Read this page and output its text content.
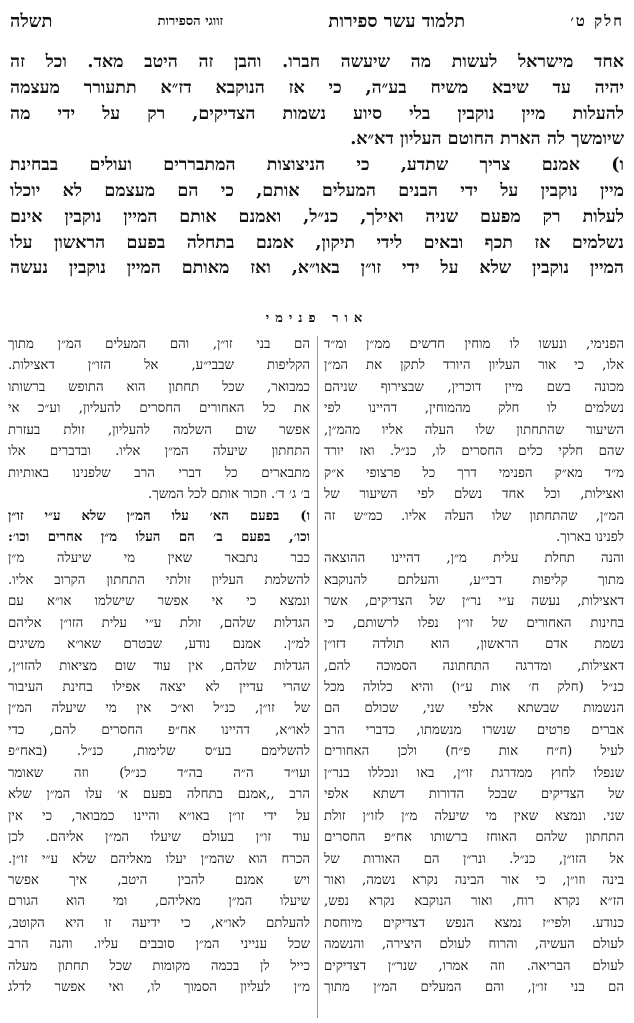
חלק ט׳
תלמוד עשר ספירות
זווגי הספירות
תשלה
אחד מישראל לעשות מה שיעשה חברו. והבן זה היטב מאד. וכל זה
יהיה עד שיבא משיח בע״ה, כי אז הנוקבא דז״א תתעורר מעצמה
להעלות מיין נוקבין בלי סיוע נשמות הצדיקים, רק על ידי מה
שיומשך לה הארת החוטם העליון דא״א.
ו) אמנם צריך שתדע, כי הניצוצות המתבררים ועולים בבחינת
מיין נוקבין על ידי הבנים המעלים אותם, כי הם מעצמם לא יוכלו
לעלות רק מפעם שניה ואילך, כנ״ל, ואמנם אותם המיין נוקבין אינם
נשלמים אז תכף ובאים לידי תיקון, אמנם בתחלה בפעם הראשון עלו
המיין נוקבין שלא על ידי זו״ן באו״א, ואז מאותם המיין נוקבין נעשה
אור פנימי
הפנימי, ונעשו לו מוחין חדשים ממ״ן ומ״ד
אלו, כי אור העליון היורד לתקן את המ״ן
מכונה בשם מיין דוכרין, שבצירוף שניהם
נשלמים לו חלק מהמוחין, דהיינו לפי
השיעור שהתחתון שלו העלה אליו מהמ״ן,
שהם חלקי כלים החסרים לו, כנ״ל. ואז יורד
מ״ד מא״ק הפנימי דרך כל פרצופי א״ק
ואצילות, וכל אחד נשלם לפי השיעור של
המ״ן, שהתחתון שלו העלה אליו. כמ״ש זה
לפנינו בארוך.
והנה תחלת עלית מ״ן, דהיינו ההוצאה
מתוך קליפות דבי״ע, והעלתם להנוקבא
דאצילות, נעשה ע״י נר״ן של הצדיקים, אשר
בחינות האחורים של זו״ן נפלו לרשותם, כי
נשמת אדם הראשון, הוא תולדה דזו״ן
דאצילות, ומדרגה התחתונה הסמוכה להם,
כנ״ל (חלק ח׳ אות ע״ו) והיא כלולה מכל
הנשמות שבשתא אלפי שני, שכולם הם
אברים פרטים שנשרו מנשמתו, כדברי הרב
לעיל (ח״ח אות פ״ח) ולכן האחורים
שנפלו לחוץ ממדרגת זו״ן, באו ונכללו בנר״ן
של הצדיקים שבכל הדורות דשתא אלפי
שני. ונמצא שאין מי שיעלה מ״ן לזו״ן זולת
התחתון שלהם האוחז ברשותו אח״פ החסרים
אל הזו״ן, כנ״ל. ונר״ן הם האורות של
בינה וזו״ן, כי אור הבינה נקרא נשמה, ואור
הז״א נקרא רוח, ואור הנוקבא נקרא נפש,
כנודע. ולפי״ז נמצא הנפש דצדיקים מיוחסת
לעולם העשיה, והרוח לעולם היצירה, והנשמה
לעולם הבריאה. וזה אמרו, שנר״ן דצדיקים
הם בני זו״ן, והם המעלים המ״ן מתוך
הם בני זו״ן, והם המעלים המ״ן מתוך
הקליפות שבבי״ע, אל הזו״ן דאצילות.
כמבואר, שכל תחתון הוא התופש ברשותו
את כל האחורים החסרים להעליון, וע״כ אי
אפשר שום השלמה להעליון, זולת בעזרת
התחתון שיעלה המ״ן אליו. ובדברים אלו
מתבארים כל דברי הרב שלפנינו באותיות
ב׳ ג׳ ד׳. וזכור אותם לכל המשך.
ו) בפעם הא׳ עלו המ״ן שלא ע״י זו״ן
וכו׳, בפעם ב׳ הם העלו מ״ן אחרים וכו׳:
כבר נתבאר שאין מי שיעלה מ״ן
להשלמת העליון זולתי התחתון הקרוב אליו.
ונמצא כי אי אפשר שישלמו או״א עם
הגדלות שלהם, זולת ע״י עלית הזו״ן אליהם
למ״ן. אמנם נודע, שבטרם שאו״א משיגים
הגדלות שלהם, אין עוד שום מציאות להזו״ן,
שהרי עדיין לא יצאה אפילו בחינת העיבור
של זו״ן, כנ״ל וא״כ אין מי שיעלה המ״ן
לאו״א, דהיינו אח״פ החסרים להם, כדי
להשלימם בע״ס שלימות, כנ״ל. (באח״פ
ועו״ד ה״ה בה״ד כנ״ל) וזה שאומר
הרב ,,אמנם בתחלה בפעם א׳ עלו המ״ן שלא
על ידי זו״ן באו״א והיינו כמבואר, כי אין
עוד זו״ן בעולם שיעלו המ״ן אליהם. לכן
הכרח הוא שהמ״ן יעלו מאליהם שלא ע״י זו״ן.
ויש אמנם להבין היטב, איך אפשר
שיעלו המ״ן מאליהם, ומי הוא הגורם
להעלתם לאו״א, כי ידיעה זו היא הקוטב,
שכל ענייני המ״ן סובבים עליו. והנה הרב
כייל לן בכמה מקומות שכל תחתון מעלה
מ״ן לעליון הסמוך לו, ואי אפשר לדלג
